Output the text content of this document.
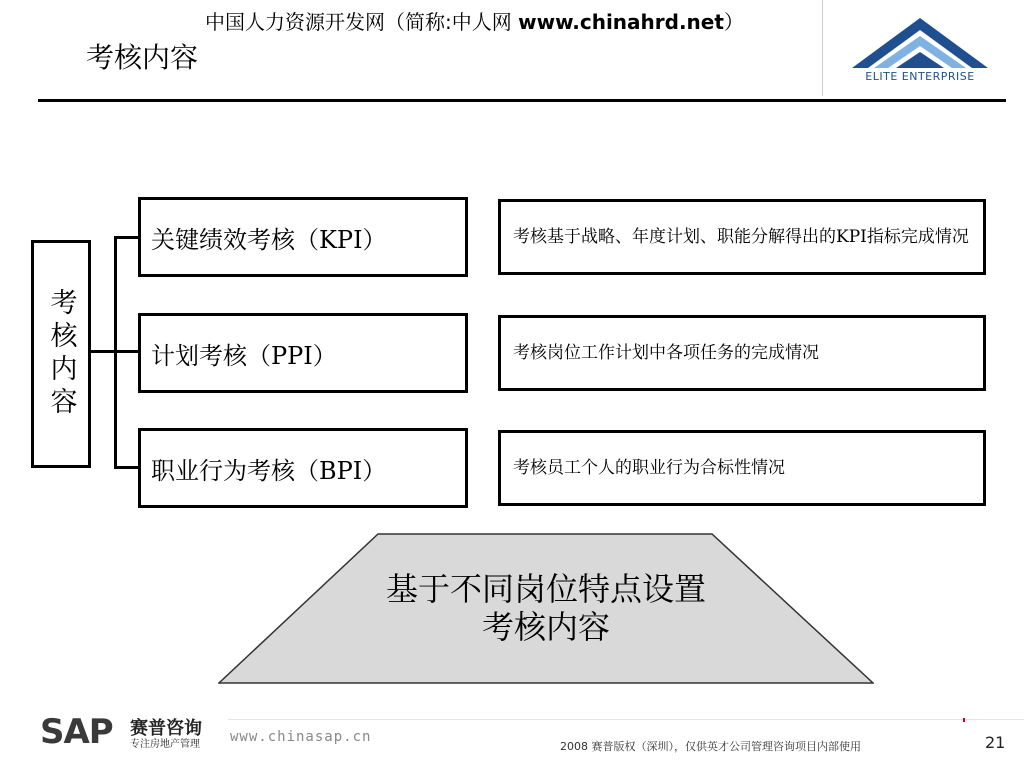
中国人力资源开发网（简称:中人网 www.chinahrd.net）
考核内容
ELITE ENTERPRISE
考核内容
关键绩效考核（KPI）
计划考核（PPI）
职业行为考核（BPI）
考核基于战略、年度计划、职能分解得出的KPI指标完成情况
考核岗位工作计划中各项任务的完成情况
考核员工个人的职业行为合标性情况
基于不同岗位特点设置
考核内容
SAP 赛普咨询
专注房地产管理 www.chinasap.cn
2008 赛普版权（深圳），仅供英才公司管理咨询项目内部使用	21
